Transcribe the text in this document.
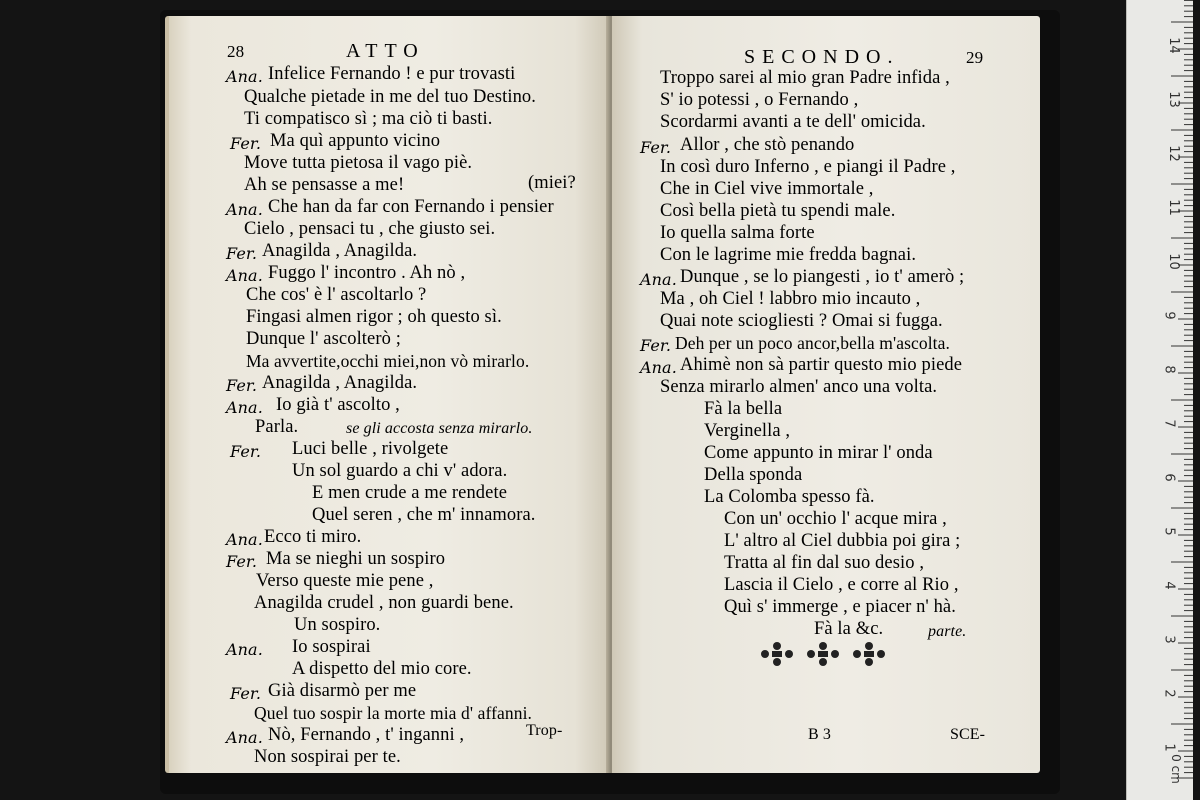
28	ATTO
Ana. Infelice Fernando ! e pur trovasti
Qualche pietade in me del tuo Destino.
Ti compatisco sì ; ma ciò ti basti.
Fer. Ma quì appunto vicino
Move tutta pietosa il vago piè.
Ah se pensasse a me!	(miei?
Ana. Che han da far con Fernando i pensier
Cielo , pensaci tu , che giusto sei.
Fer. Anagilda , Anagilda.
Ana. Fuggo l' incontro . Ah nò ,
Che cos' è l' ascoltarlo ?
Fingasi almen rigor ; oh questo sì.
Dunque l' ascolterò ;
Ma avvertite,occhi miei,non vò mirarlo.
Fer. Anagilda , Anagilda.
Ana. Io già t' ascolto ,
Parla.	se gli accosta senza mirarlo.
Fer. Luci belle , rivolgete
Un sol guardo a chi v' adora.
E men crude a me rendete
Quel seren , che m' innamora.
Ana. Ecco ti miro.
Fer. Ma se nieghi un sospiro
Verso queste mie pene ,
Anagilda crudel , non guardi bene.
Un sospiro.
Ana. Io sospirai
A dispetto del mio core.
Fer. Già disarmò per me
Quel tuo sospir la morte mia d' affanni.
Ana. Nò, Fernando , t' inganni ,
Non sospirai per te.
Trop-
SECONDO.	29
Troppo sarei al mio gran Padre infida ,
S' io potessi , o Fernando ,
Scordarmi avanti a te dell' omicida.
Fer. Allor , che stò penando
In così duro Inferno , e piangi il Padre ,
Che in Ciel vive immortale ,
Così bella pietà tu spendi male.
Io quella salma forte
Con le lagrime mie fredda bagnai.
Ana. Dunque , se lo piangesti , io t' amerò ;
Ma , oh Ciel ! labbro mio incauto ,
Quai note sciogliesti ? Omai si fugga.
Fer. Deh per un poco ancor,bella m'ascolta.
Ana. Ahimè non sà partir questo mio piede
Senza mirarlo almen' anco una volta.
Fà la bella
Verginella ,
Come appunto in mirar l' onda
Della sponda
La Colomba spesso fà.
Con un' occhio l' acque mira ,
L' altro al Ciel dubbia poi gira ;
Tratta al fin dal suo desio ,
Lascia il Cielo , e corre al Rio ,
Quì s' immerge , e piacer n' hà.
Fà la &c.	parte.
B 3	SCE-
14
13
12
11
10
9
8
7
6
5
4
3
2
1
0 cm
